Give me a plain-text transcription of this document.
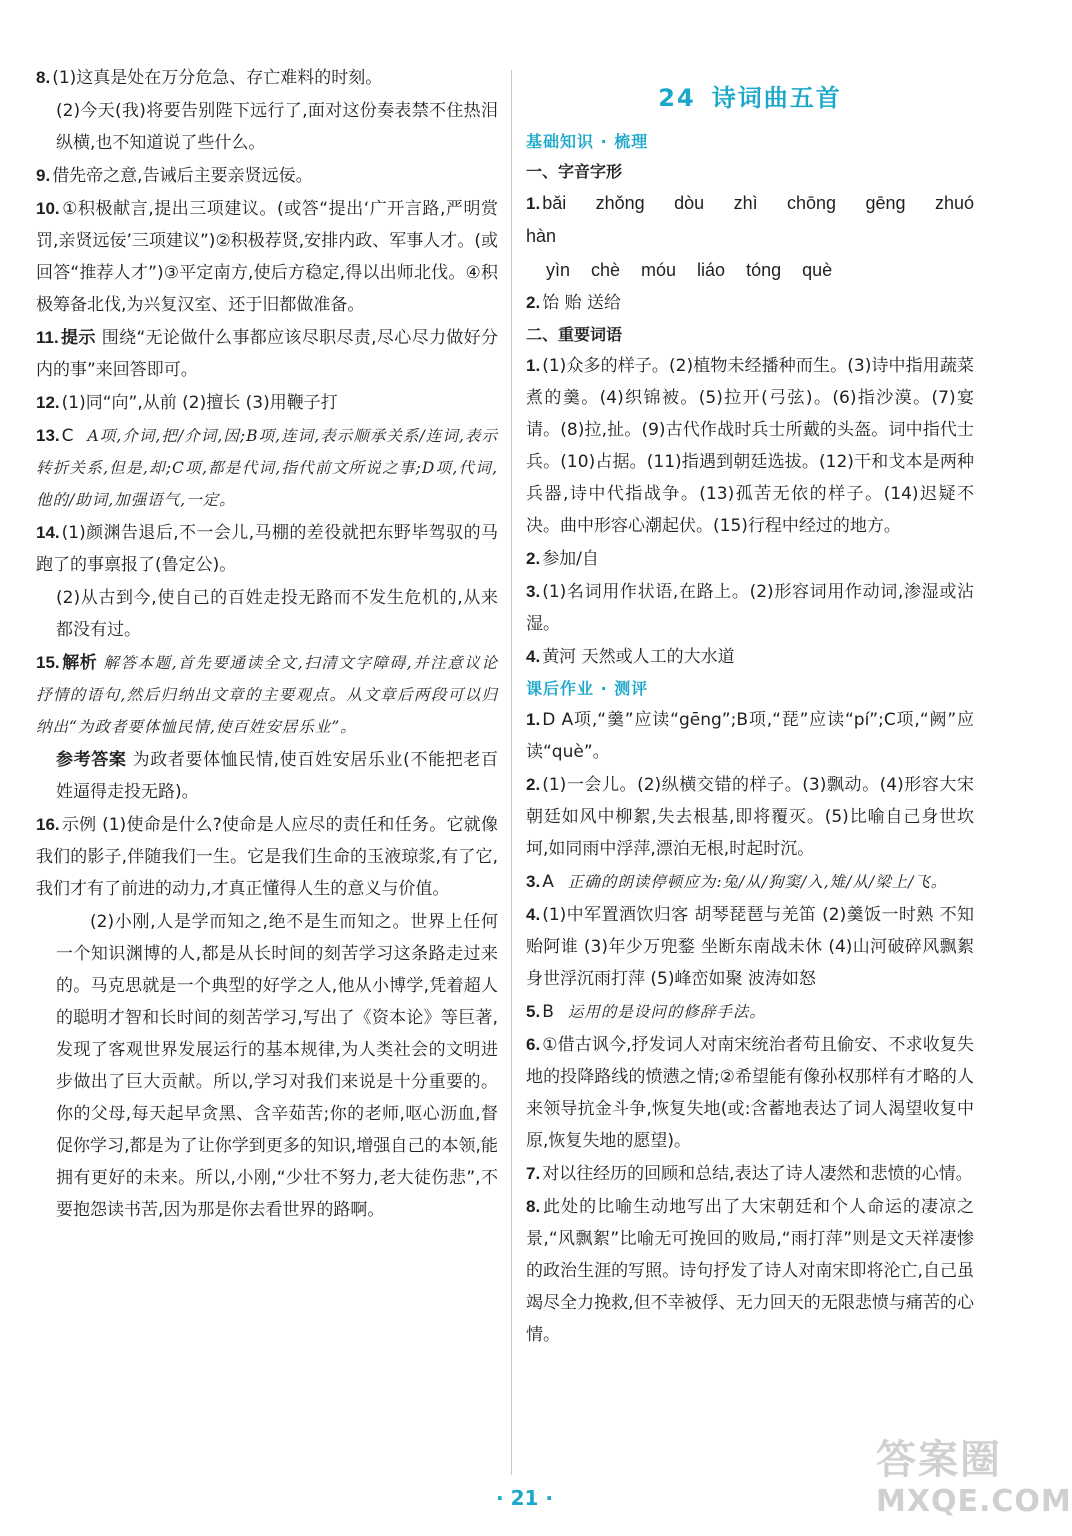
8. (1)这真是处在万分危急、存亡难料的时刻。

(2)今天(我)将要告别陛下远行了,面对这份奏表禁不住热泪纵横,也不知道说了些什么。

9. 借先帝之意,告诫后主要亲贤远佞。

10. ①积极献言,提出三项建议。(或答“提出‘广开言路,严明赏罚,亲贤远佞’三项建议”)②积极荐贤,安排内政、军事人才。(或回答“推荐人才”)③平定南方,使后方稳定,得以出师北伐。④积极筹备北伐,为兴复汉室、还于旧都做准备。

11. 提示 围绕“无论做什么事都应该尽职尽责,尽心尽力做好分内的事”来回答即可。

12. (1)同“向”,从前 (2)擅长 (3)用鞭子打

13. C A项,介词,把/介词,因;B项,连词,表示顺承关系/连词,表示转折关系,但是,却;C项,都是代词,指代前文所说之事;D项,代词,他的/助词,加强语气,一定。

14. (1)颜渊告退后,不一会儿,马棚的差役就把东野毕驾驭的马跑了的事禀报了(鲁定公)。

(2)从古到今,使自己的百姓走投无路而不发生危机的,从来都没有过。

15. 解析 解答本题,首先要通读全文,扫清文字障碍,并注意议论抒情的语句,然后归纳出文章的主要观点。从文章后两段可以归纳出“为政者要体恤民情,使百姓安居乐业”。

参考答案 为政者要体恤民情,使百姓安居乐业(不能把老百姓逼得走投无路)。

16. 示例 (1)使命是什么?使命是人应尽的责任和任务。它就像我们的影子,伴随我们一生。它是我们生命的玉液琼浆,有了它,我们才有了前进的动力,才真正懂得人生的意义与价值。

(2)小刚,人是学而知之,绝不是生而知之。世界上任何一个知识渊博的人,都是从长时间的刻苦学习这条路走过来的。马克思就是一个典型的好学之人,他从小博学,凭着超人的聪明才智和长时间的刻苦学习,写出了《资本论》等巨著,发现了客观世界发展运行的基本规律,为人类社会的文明进步做出了巨大贡献。所以,学习对我们来说是十分重要的。你的父母,每天起早贪黑、含辛茹苦;你的老师,呕心沥血,督促你学习,都是为了让你学到更多的知识,增强自己的本领,能拥有更好的未来。所以,小刚,“少壮不努力,老大徒伤悲”,不要抱怨读书苦,因为那是你去看世界的路啊。

24 诗词曲五首
基础知识 · 梳理
一、字音字形

1. bǎi zhǒng dòu zhì chōng gēng zhuó hàn

yìn chè móu liáo tóng què

2. 饴 贻 送给

二、重要词语

1. (1)众多的样子。(2)植物未经播种而生。(3)诗中指用蔬菜煮的羹。(4)织锦被。(5)拉开(弓弦)。(6)指沙漠。(7)宴请。(8)拉,扯。(9)古代作战时兵士所戴的头盔。词中指代士兵。(10)占据。(11)指遇到朝廷选拔。(12)干和戈本是两种兵器,诗中代指战争。(13)孤苦无依的样子。(14)迟疑不决。曲中形容心潮起伏。(15)行程中经过的地方。

2. 参加/自

3. (1)名词用作状语,在路上。(2)形容词用作动词,渗湿或沾湿。

4. 黄河 天然或人工的大水道

课后作业 · 测评

1. D A项,“羹”应读“gēng”;B项,“琵”应读“pí”;C项,“阙”应读“què”。

2. (1)一会儿。(2)纵横交错的样子。(3)飘动。(4)形容大宋朝廷如风中柳絮,失去根基,即将覆灭。(5)比喻自己身世坎坷,如同雨中浮萍,漂泊无根,时起时沉。

3. A 正确的朗读停顿应为:兔/从/狗窦/入,雉/从/梁上/飞。

4. (1)中军置酒饮归客 胡琴琵琶与羌笛 (2)羹饭一时熟 不知贻阿谁 (3)年少万兜鍪 坐断东南战未休 (4)山河破碎风飘絮 身世浮沉雨打萍 (5)峰峦如聚 波涛如怒

5. B 运用的是设问的修辞手法。

6. ①借古讽今,抒发词人对南宋统治者苟且偷安、不求收复失地的投降路线的愤懑之情;②希望能有像孙权那样有才略的人来领导抗金斗争,恢复失地(或:含蓄地表达了词人渴望收复中原,恢复失地的愿望)。

7. 对以往经历的回顾和总结,表达了诗人凄然和悲愤的心情。

8. 此处的比喻生动地写出了大宋朝廷和个人命运的凄凉之景,“风飘絮”比喻无可挽回的败局,“雨打萍”则是文天祥凄惨的政治生涯的写照。诗句抒发了诗人对南宋即将沦亡,自己虽竭尽全力挽救,但不幸被俘、无力回天的无限悲愤与痛苦的心情。

· 21 ·
答案圈
MXQE.COM
